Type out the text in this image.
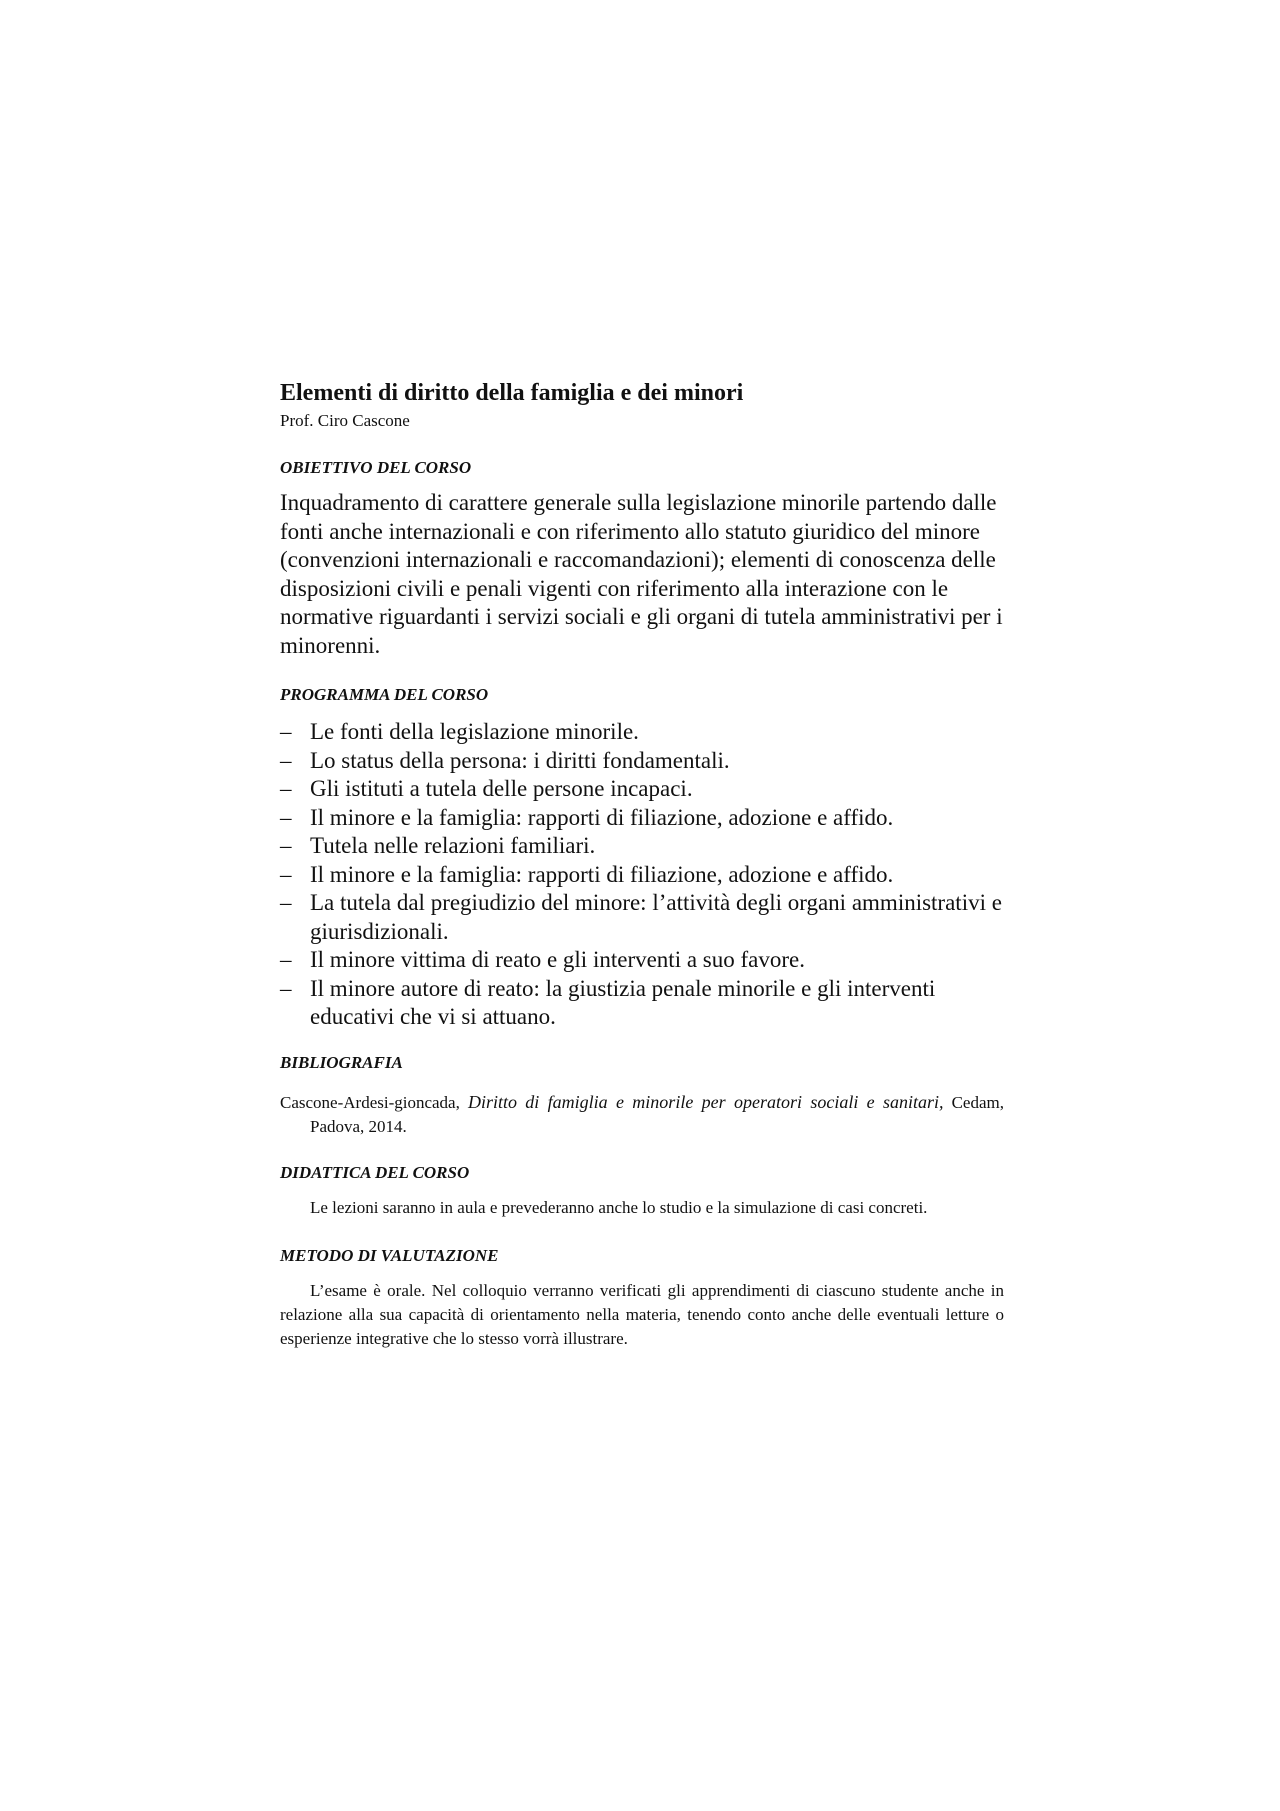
Elementi di diritto della famiglia e dei minori

Prof. Ciro Cascone

OBIETTIVO DEL CORSO

Inquadramento di carattere generale sulla legislazione minorile partendo dalle fonti anche internazionali e con riferimento allo statuto giuridico del minore (convenzioni internazionali e raccomandazioni); elementi di conoscenza delle disposizioni civili e penali vigenti con riferimento alla interazione con le normative riguardanti i servizi sociali e gli organi di tutela amministrativi per i minorenni.

PROGRAMMA DEL CORSO
– Le fonti della legislazione minorile.
– Lo status della persona: i diritti fondamentali.
– Gli istituti a tutela delle persone incapaci.
– Il minore e la famiglia: rapporti di filiazione, adozione e affido.
– Tutela nelle relazioni familiari.
– Il minore e la famiglia: rapporti di filiazione, adozione e affido.
– La tutela dal pregiudizio del minore: l’attività degli organi amministrativi e giurisdizionali.
– Il minore vittima di reato e gli interventi a suo favore.
– Il minore autore di reato: la giustizia penale minorile e gli interventi educativi che vi si attuano.
BIBLIOGRAFIA

Cascone-Ardesi-gioncada, Diritto di famiglia e minorile per operatori sociali e sanitari, Cedam, Padova, 2014.

DIDATTICA DEL CORSO

Le lezioni saranno in aula e prevederanno anche lo studio e la simulazione di casi concreti.

METODO DI VALUTAZIONE

L’esame è orale. Nel colloquio verranno verificati gli apprendimenti di ciascuno studente anche in relazione alla sua capacità di orientamento nella materia, tenendo conto anche delle eventuali letture o esperienze integrative che lo stesso vorrà illustrare.
